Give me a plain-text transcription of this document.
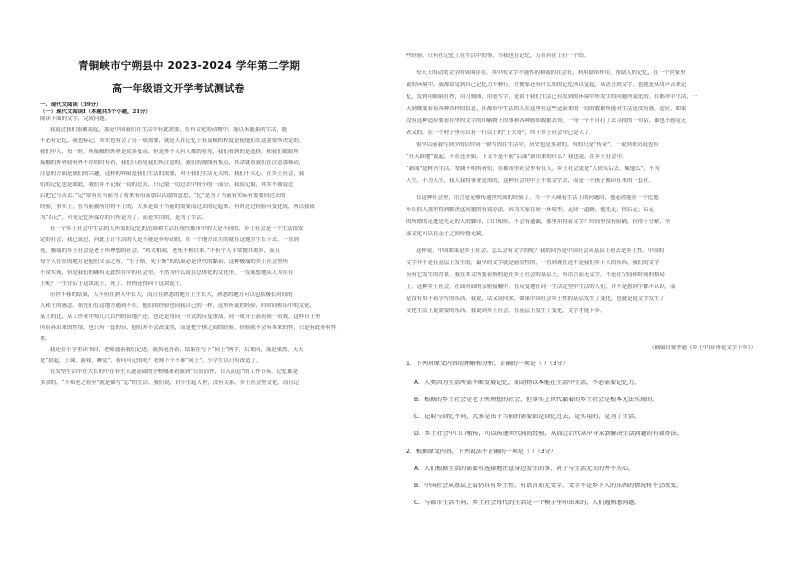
青铜峡市宁朔县中 2023-2024 学年第二学期
高一年级语文开学考试测试卷
一、现代文阅读（39分）
（一）现代文阅读Ⅰ（本题共5个小题，21分）
阅读下面的文字，完成问题。
我说过我们很累说起，那是中国我们在生活中有此需要，在有文化的动物中，能以未能系的生活，能
不必有记忆，我也标记，其实也有会了另一项需要，就是人在记忆上有及模的程度是使他们在这需要所决定的。
我们中人，每一时，所接触的外界是众多复杂，但是外不人有人都的看见，我们看到的是选择，和我们眼睛所
接触的外界较有外不存的时有看，我们只看见我们所注意的，我们的视线有集点，其余就看我们在注意那移动，
注意的方面是我们的兴趣，这样的界限是我们生活的需要，对于我们生活无关的，我们不关心，在乡土社会，我
们的记忆也是如此，我们并不记取一切的过去，只记取一切过去中较小的一部分，我说记取，其实不如说过
后把它与否去，”记”常有在当前为了将来有用而加以认取的意思，“忆”是为了当前有实际有需要回过去的
经验，事实上，在当前被所用得不上的，大多是由于当前的需要而过去的记起来，有时过过经验可变化成，所以我成
为“否记”，可见记忆所保存的只所是为了，而是实用的，是为了生活。
在一个乡土社会中生活的人所需的记忆的范围和生活在现代都市中的人是不同的，乡土社会是一个生活很安
定的社会，我已说过，向此上计生活的人是不能是乡停动的，在一个地方出生的就在这地方生长下去，一直到
死，极端的乡土社会是老子所理想的社会，“鸡犬相闻，老死不相往来。”不但个人不常抛井离乡，而且
每个人住在的地方是他们父亲之所，“生于斯，死于斯”的结果必是世代的黏着，这种极端的乡土社会里所
不常实现，但是我们的确有无此性在中的社会里，不然为什么说在总体化的文化里，一发展想地从人为在在
土呢？一生住后于这块泥土，死了，骨肉还得回于这块泥土。
历世不移的结果，人不但在熟人中长大，而且在熟悉的地方上生长大，熟悉的地方可以包括极长时间的
人和土的感念，祖先们在这地方遇到不在，他们的经验也同我自己的一样，这里所说的经验，时时间相乐中的文化，
某土的比，从工作业中知几尺以内的田地产还，也还是用同一方式的反复重演，同一成分上演着同一出戏，这样自土里
所培养出来的性情，也只有一套的台，他们并不会改变其，而是把个体之间的经验，经验就不会有本来的性，只是有此亦有性
来。
我还在小学里读书时，老师通着我们记述，我执笔答着，结果在写下“同上”两字，后来问，那是果然，天天
是“晨起，上课，游戏，睡觉”，看问可记的吃？老师下个不准“同上”，小学生以只有改造了。
在发型生活中在大长的中在非生人逐基础的学校哪来看我到“日出而作，日入而息”的工作节奏，记忆都是
多余的，“不知老之将至”就是描写“忘”的生活。我们说，自小生起人世，没有关系，乡土社会里文化，而且记
些经验，只有在记忆上在生活中的事，当我也在记忆，万在有在上打一个结。
每天上的动类文学的周围存在，其中的文字不能性的和我的在会社，利用联络作用，帮助人的记忆，在一个世家里
说的环境中，我都常觉到自己记忆力不够行，方便家还有什么知的记忆所以觉起，从语言到文字，也就是从用声音来记
忆，发到用眼睛打抄，用刀刻图，用笔写字，是由于我们生活已有发到的环境中所发生的问题所变化的。在都市中生活，一
天到晚要看着各种各样的信息，在都市中生活的人在这里在这些适而来的一切的数据所能对生活是没有感，适应，如果
没有这种适应要看在里的文字的印刷物上的事和各种感知数据去得，一句一个不自打了去寻找的一句话，谁也不感觉无
者又的，在一个村子里可以有一行以上的“王大哥”，终于乡土社会中已是人了。
很早以前我写到少的信件同一群写的在生活中，历史也是多余的，有的只是“传奇”，一说到来历说也有
“开天辟地”说起，不在还开始，下文不是不前“后面”新出来的什么？我也说，在乡土社会中，
“新闻”是释答生活，宽阔不明的者们，在都市里社会里有在人，乡土社会更是“人情头后去，赋他么”，不为
人生，不为人生，我人我将事业是需的，这种社会用中上不需文字去，而是一个孩子都印在本的一套社。
在这种社会里，语言是足够传递世代间的经验了。当一个人碰着生活上的问题时，他必然能在一个比他
年长的人那里得到解决这问题的有效办法，因为大家在同一环境里，走同一道路，他先走，你后走；后走
的所踏的足迹是先走的人的脚印，口口相传，不会有遗漏，那里用得着文字？时间里没有阻隔，拉得十分紧，全
部文化可以在亲子之间传授无缺。
这样说，中国如果是乡土社会，怎么会有文字的呢？我的回答是中国社会从基层上看去是乡土性，中国的
文字并不是在基层上发生的，最早的文字就是庙堂性的，一直到现在还不是我们乡下人的东西，我们的文字
另有它发生的背景，我在本文所要着指的是在乡土社会的基层上，有语言而无文字，不论在空间和时间的格局
上，这种乡土社会，在面对面的亲密接触中，在反复地在同一生活定型中生活的人们，并不是愚到字都不认识，而
是没有用不着学写的东西，我说，话又说回来，如果中国社会乡土性的基层发生了变化，也就是说文字发生了
文化生活上更需要的东西。我说到乡土社会，在基层上发生了变化，文字才能下乡。
（摘编自费孝通《乡土中国·再论文字下乡》）
1．下列对原文内容的理解和分析，正确的一项是（ ）（3分）
A．人类因为生活所需不断发展记忆，而动物以本能在生活中生活，不必需要记忆力。
B．根据的乡土社会是老子所理想的社会，但事实上世代黏着的乡土社会是根本无法实现的。
C．记取与回忆不同，大多是出于当前的需要而是回忆过去，是实用的，是为了生活。
D．乡土社会中口口相传，可以传递世代间的经验，从而让后代从中寻求到解决生活问题的有效办法。
2．根据原文内容，下列说法不正确的一项是（ ）（3分）
A．人们根据生活的需要有选择地注意身边发生的事，对于与生活无关的并不关心。
B．中国社会从基层上看仍具有乡土性，有语言而无文字，文字不是乡下人的东西的情况将不会改变。
C．与都市生活不同，乡土社会每代的生活是一个模子里印出来的，人们遇熟悉问题。
